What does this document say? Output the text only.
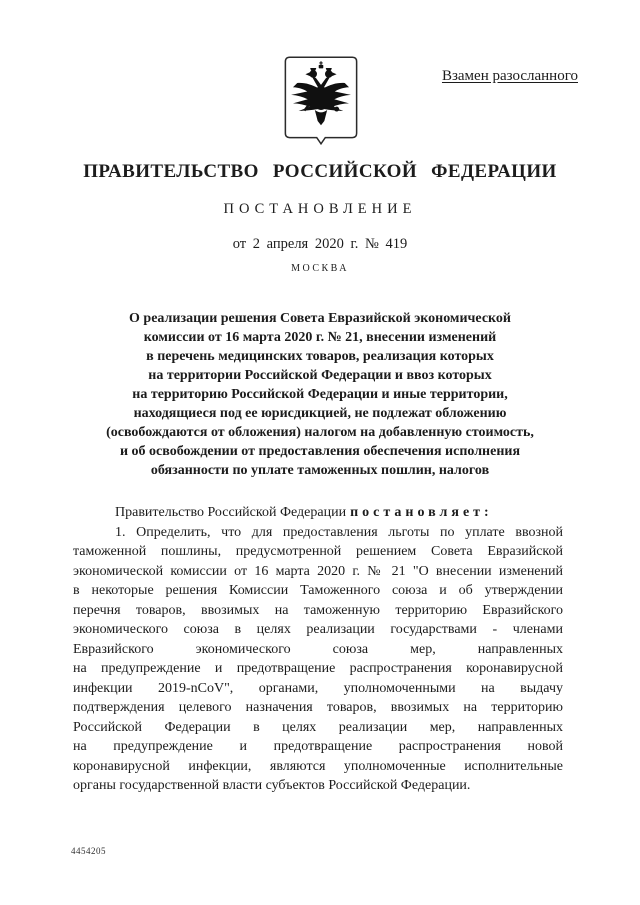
Взамен разосланного
ПРАВИТЕЛЬСТВО РОССИЙСКОЙ ФЕДЕРАЦИИ
ПОСТАНОВЛЕНИЕ
от 2 апреля 2020 г. № 419
МОСКВА
О реализации решения Совета Евразийской экономической
комиссии от 16 марта 2020 г. № 21, внесении изменений
в перечень медицинских товаров, реализация которых
на территории Российской Федерации и ввоз которых
на территорию Российской Федерации и иные территории,
находящиеся под ее юрисдикцией, не подлежат обложению
(освобождаются от обложения) налогом на добавленную стоимость,
и об освобождении от предоставления обеспечения исполнения
обязанности по уплате таможенных пошлин, налогов
Правительство Российской Федерации постановляет:
1. Определить, что для предоставления льготы по уплате ввозной
таможенной пошлины, предусмотренной решением Совета Евразийской
экономической комиссии от 16 марта 2020 г. № 21 "О внесении изменений
в некоторые решения Комиссии Таможенного союза и об утверждении
перечня товаров, ввозимых на таможенную территорию Евразийского
экономического союза в целях реализации государствами - членами
Евразийского экономического союза мер, направленных
на предупреждение и предотвращение распространения коронавирусной
инфекции 2019-nCoV", органами, уполномоченными на выдачу
подтверждения целевого назначения товаров, ввозимых на территорию
Российской Федерации в целях реализации мер, направленных
на предупреждение и предотвращение распространения новой
коронавирусной инфекции, являются уполномоченные исполнительные
органы государственной власти субъектов Российской Федерации.
4454205
